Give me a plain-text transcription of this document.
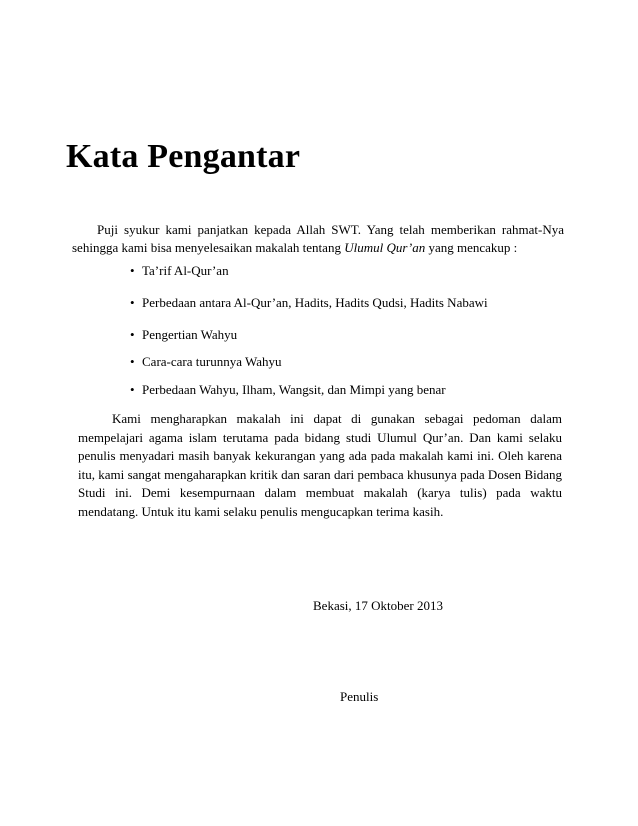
Kata Pengantar
Puji syukur kami panjatkan kepada Allah SWT. Yang telah memberikan rahmat-Nya sehingga kami bisa menyelesaikan makalah tentang Ulumul Qur’an yang mencakup :
• Ta’rif Al-Qur’an
• Perbedaan antara Al-Qur’an, Hadits, Hadits Qudsi, Hadits Nabawi
• Pengertian Wahyu
• Cara-cara turunnya Wahyu
• Perbedaan Wahyu, Ilham, Wangsit, dan Mimpi yang benar
Kami mengharapkan makalah ini dapat di gunakan sebagai pedoman dalam mempelajari agama islam terutama pada bidang studi Ulumul Qur’an. Dan kami selaku penulis menyadari masih banyak kekurangan yang ada pada makalah kami ini. Oleh karena itu, kami sangat mengaharapkan kritik dan saran dari pembaca khusunya pada Dosen Bidang Studi ini. Demi kesempurnaan dalam membuat makalah (karya tulis) pada waktu mendatang. Untuk itu kami selaku penulis mengucapkan terima kasih.
Bekasi, 17 Oktober 2013
Penulis
